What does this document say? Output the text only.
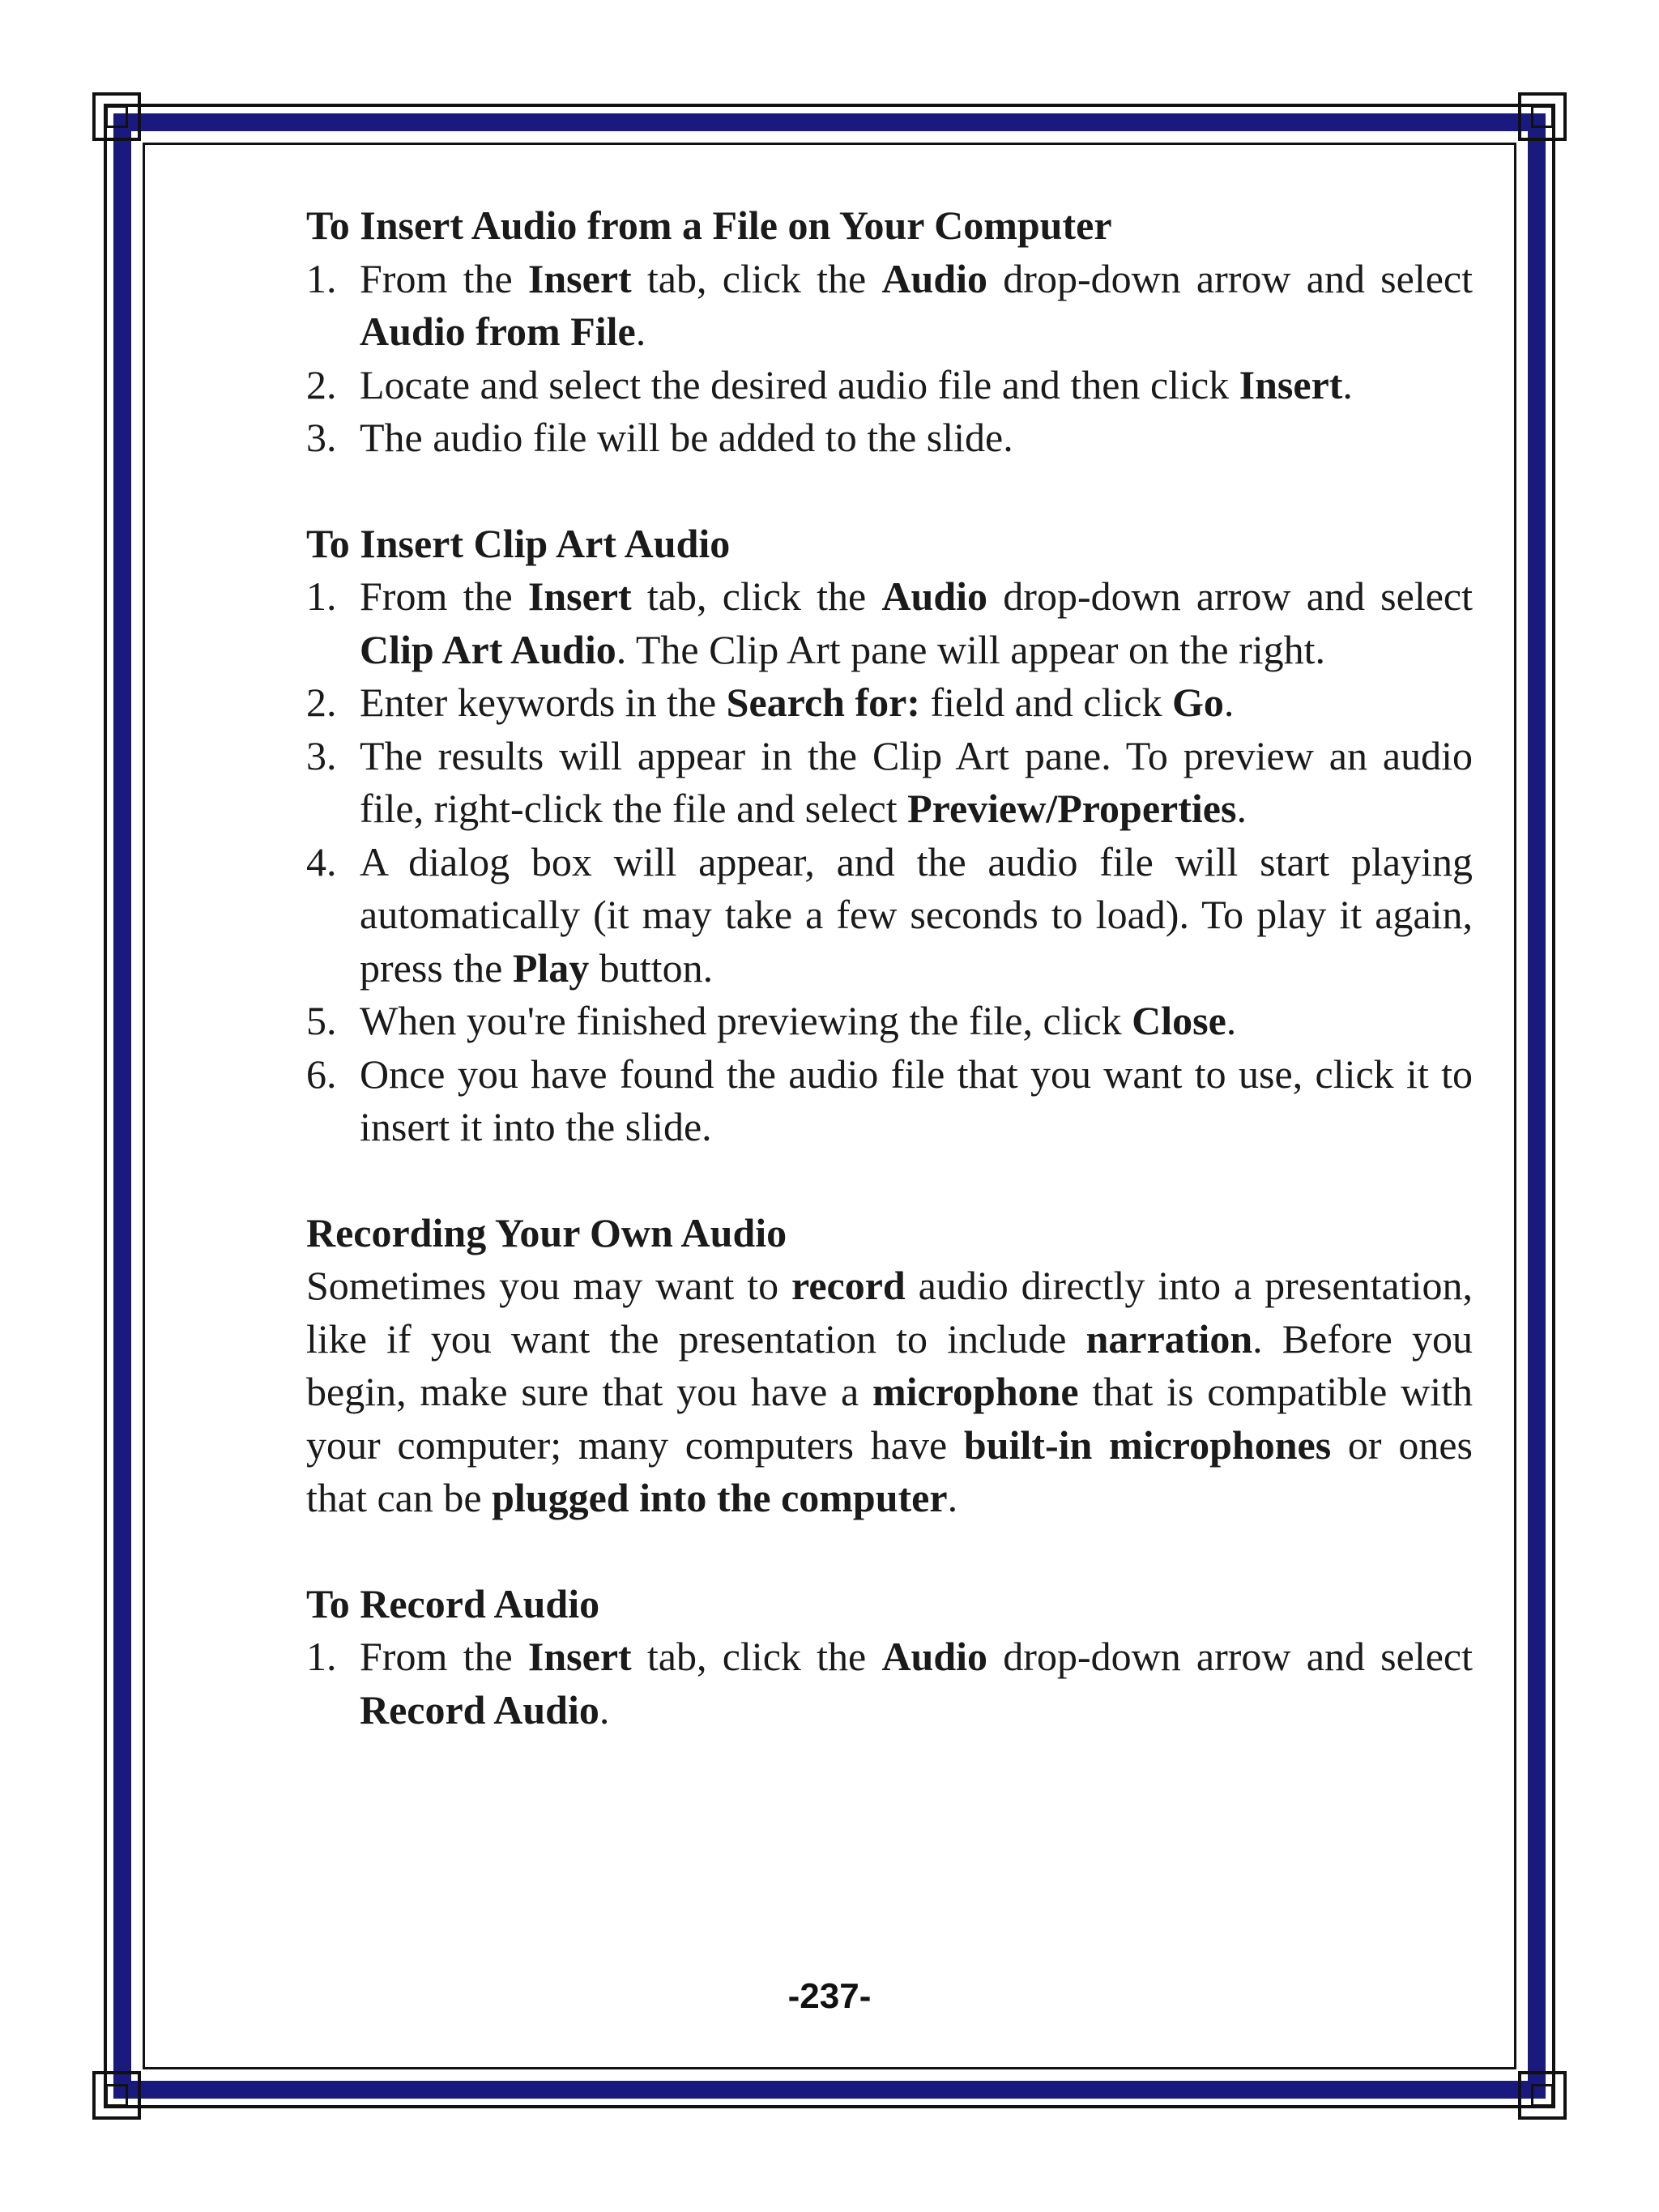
To Insert Audio from a File on Your Computer
1. From the Insert tab, click the Audio drop-down arrow and select Audio from File.
2. Locate and select the desired audio file and then click Insert.
3. The audio file will be added to the slide.
To Insert Clip Art Audio
1. From the Insert tab, click the Audio drop-down arrow and select Clip Art Audio. The Clip Art pane will appear on the right.
2. Enter keywords in the Search for: field and click Go.
3. The results will appear in the Clip Art pane. To preview an audio file, right-click the file and select Preview/Properties.
4. A dialog box will appear, and the audio file will start playing automatically (it may take a few seconds to load). To play it again, press the Play button.
5. When you're finished previewing the file, click Close.
6. Once you have found the audio file that you want to use, click it to insert it into the slide.
Recording Your Own Audio

Sometimes you may want to record audio directly into a presentation, like if you want the presentation to include narration. Before you begin, make sure that you have a microphone that is compatible with your computer; many computers have built-in microphones or ones that can be plugged into the computer.

To Record Audio
1. From the Insert tab, click the Audio drop-down arrow and select Record Audio.
-237-
